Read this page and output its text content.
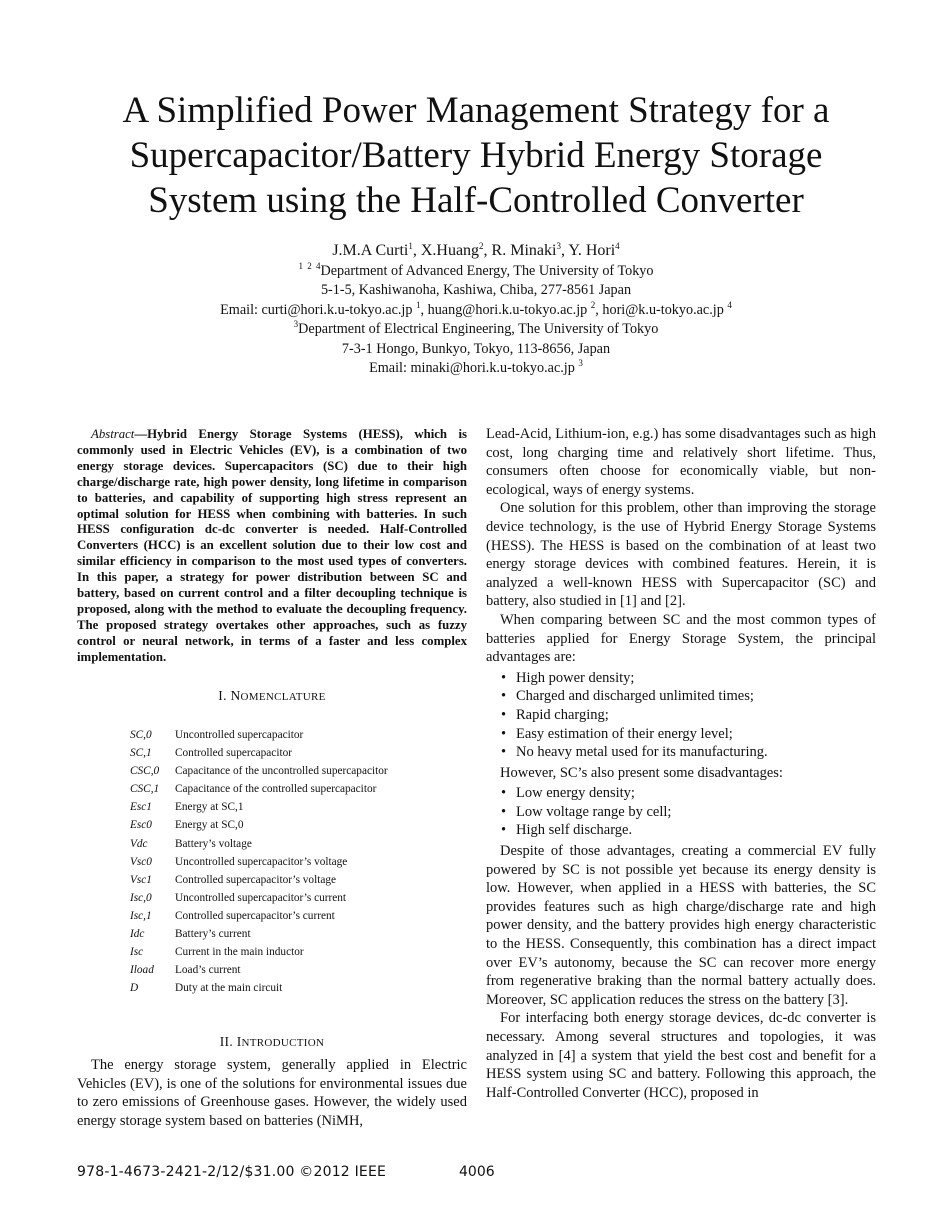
A Simplified Power Management Strategy for a
Supercapacitor/Battery Hybrid Energy Storage
System using the Half-Controlled Converter
J.M.A Curti$^1$, X.Huang$^2$, R. Minaki$^3$, Y. Hori$^4$
$^{1 2 4}$Department of Advanced Energy, The University of Tokyo
5-1-5, Kashiwanoha, Kashiwa, Chiba, 277-8561 Japan
Email: curti@hori.k.u-tokyo.ac.jp $^1$, huang@hori.k.u-tokyo.ac.jp $^2$, hori@k.u-tokyo.ac.jp $^4$
$^3$Department of Electrical Engineering, The University of Tokyo
7-3-1 Hongo, Bunkyo, Tokyo, 113-8656, Japan
Email: minaki@hori.k.u-tokyo.ac.jp $^3$

Abstract—Hybrid Energy Storage Systems (HESS), which is commonly used in Electric Vehicles (EV), is a combination of two energy storage devices. Supercapacitors (SC) due to their high charge/discharge rate, high power density, long lifetime in comparison to batteries, and capability of supporting high stress represent an optimal solution for HESS when combining with batteries. In such HESS configuration dc-dc converter is needed. Half-Controlled Converters (HCC) is an excellent solution due to their low cost and similar efficiency in comparison to the most used types of converters. In this paper, a strategy for power distribution between SC and battery, based on current control and a filter decoupling technique is proposed, along with the method to evaluate the decoupling frequency. The proposed strategy overtakes other approaches, such as fuzzy control or neural network, in terms of a faster and less complex implementation.

I. NOMENCLATURE
SC,0	Uncontrolled supercapacitor
SC,1	Controlled supercapacitor
CSC,0	Capacitance of the uncontrolled supercapacitor
CSC,1	Capacitance of the controlled supercapacitor
Esc1	Energy at SC,1
Esc0	Energy at SC,0
Vdc	Battery’s voltage
Vsc0	Uncontrolled supercapacitor’s voltage
Vsc1	Controlled supercapacitor’s voltage
Isc,0	Uncontrolled supercapacitor’s current
Isc,1	Controlled supercapacitor’s current
Idc	Battery’s current
Isc	Current in the main inductor
Iload	Load’s current
D	Duty at the main circuit
II. INTRODUCTION

The energy storage system, generally applied in Electric Vehicles (EV), is one of the solutions for environmental issues due to zero emissions of Greenhouse gases. However, the widely used energy storage system based on batteries (NiMH,

Lead-Acid, Lithium-ion, e.g.) has some disadvantages such as high cost, long charging time and relatively short lifetime. Thus, consumers often choose for economically viable, but non-ecological, ways of energy systems.

One solution for this problem, other than improving the storage device technology, is the use of Hybrid Energy Storage Systems (HESS). The HESS is based on the combination of at least two energy storage devices with combined features. Herein, it is analyzed a well-known HESS with Supercapacitor (SC) and battery, also studied in [1] and [2].

When comparing between SC and the most common types of batteries applied for Energy Storage System, the principal advantages are:

• High power density;
• Charged and discharged unlimited times;
• Rapid charging;
• Easy estimation of their energy level;
• No heavy metal used for its manufacturing.

However, SC’s also present some disadvantages:

• Low energy density;
• Low voltage range by cell;
• High self discharge.

Despite of those advantages, creating a commercial EV fully powered by SC is not possible yet because its energy density is low. However, when applied in a HESS with batteries, the SC provides features such as high charge/discharge rate and high power density, and the battery provides high energy characteristic to the HESS. Consequently, this combination has a direct impact over EV’s autonomy, because the SC can recover more energy from regenerative braking than the normal battery actually does. Moreover, SC application reduces the stress on the battery [3].

For interfacing both energy storage devices, dc-dc converter is necessary. Among several structures and topologies, it was analyzed in [4] a system that yield the best cost and benefit for a HESS system using SC and battery. Following this approach, the Half-Controlled Converter (HCC), proposed in

978-1-4673-2421-2/12/$31.00 ©2012 IEEE	4006
